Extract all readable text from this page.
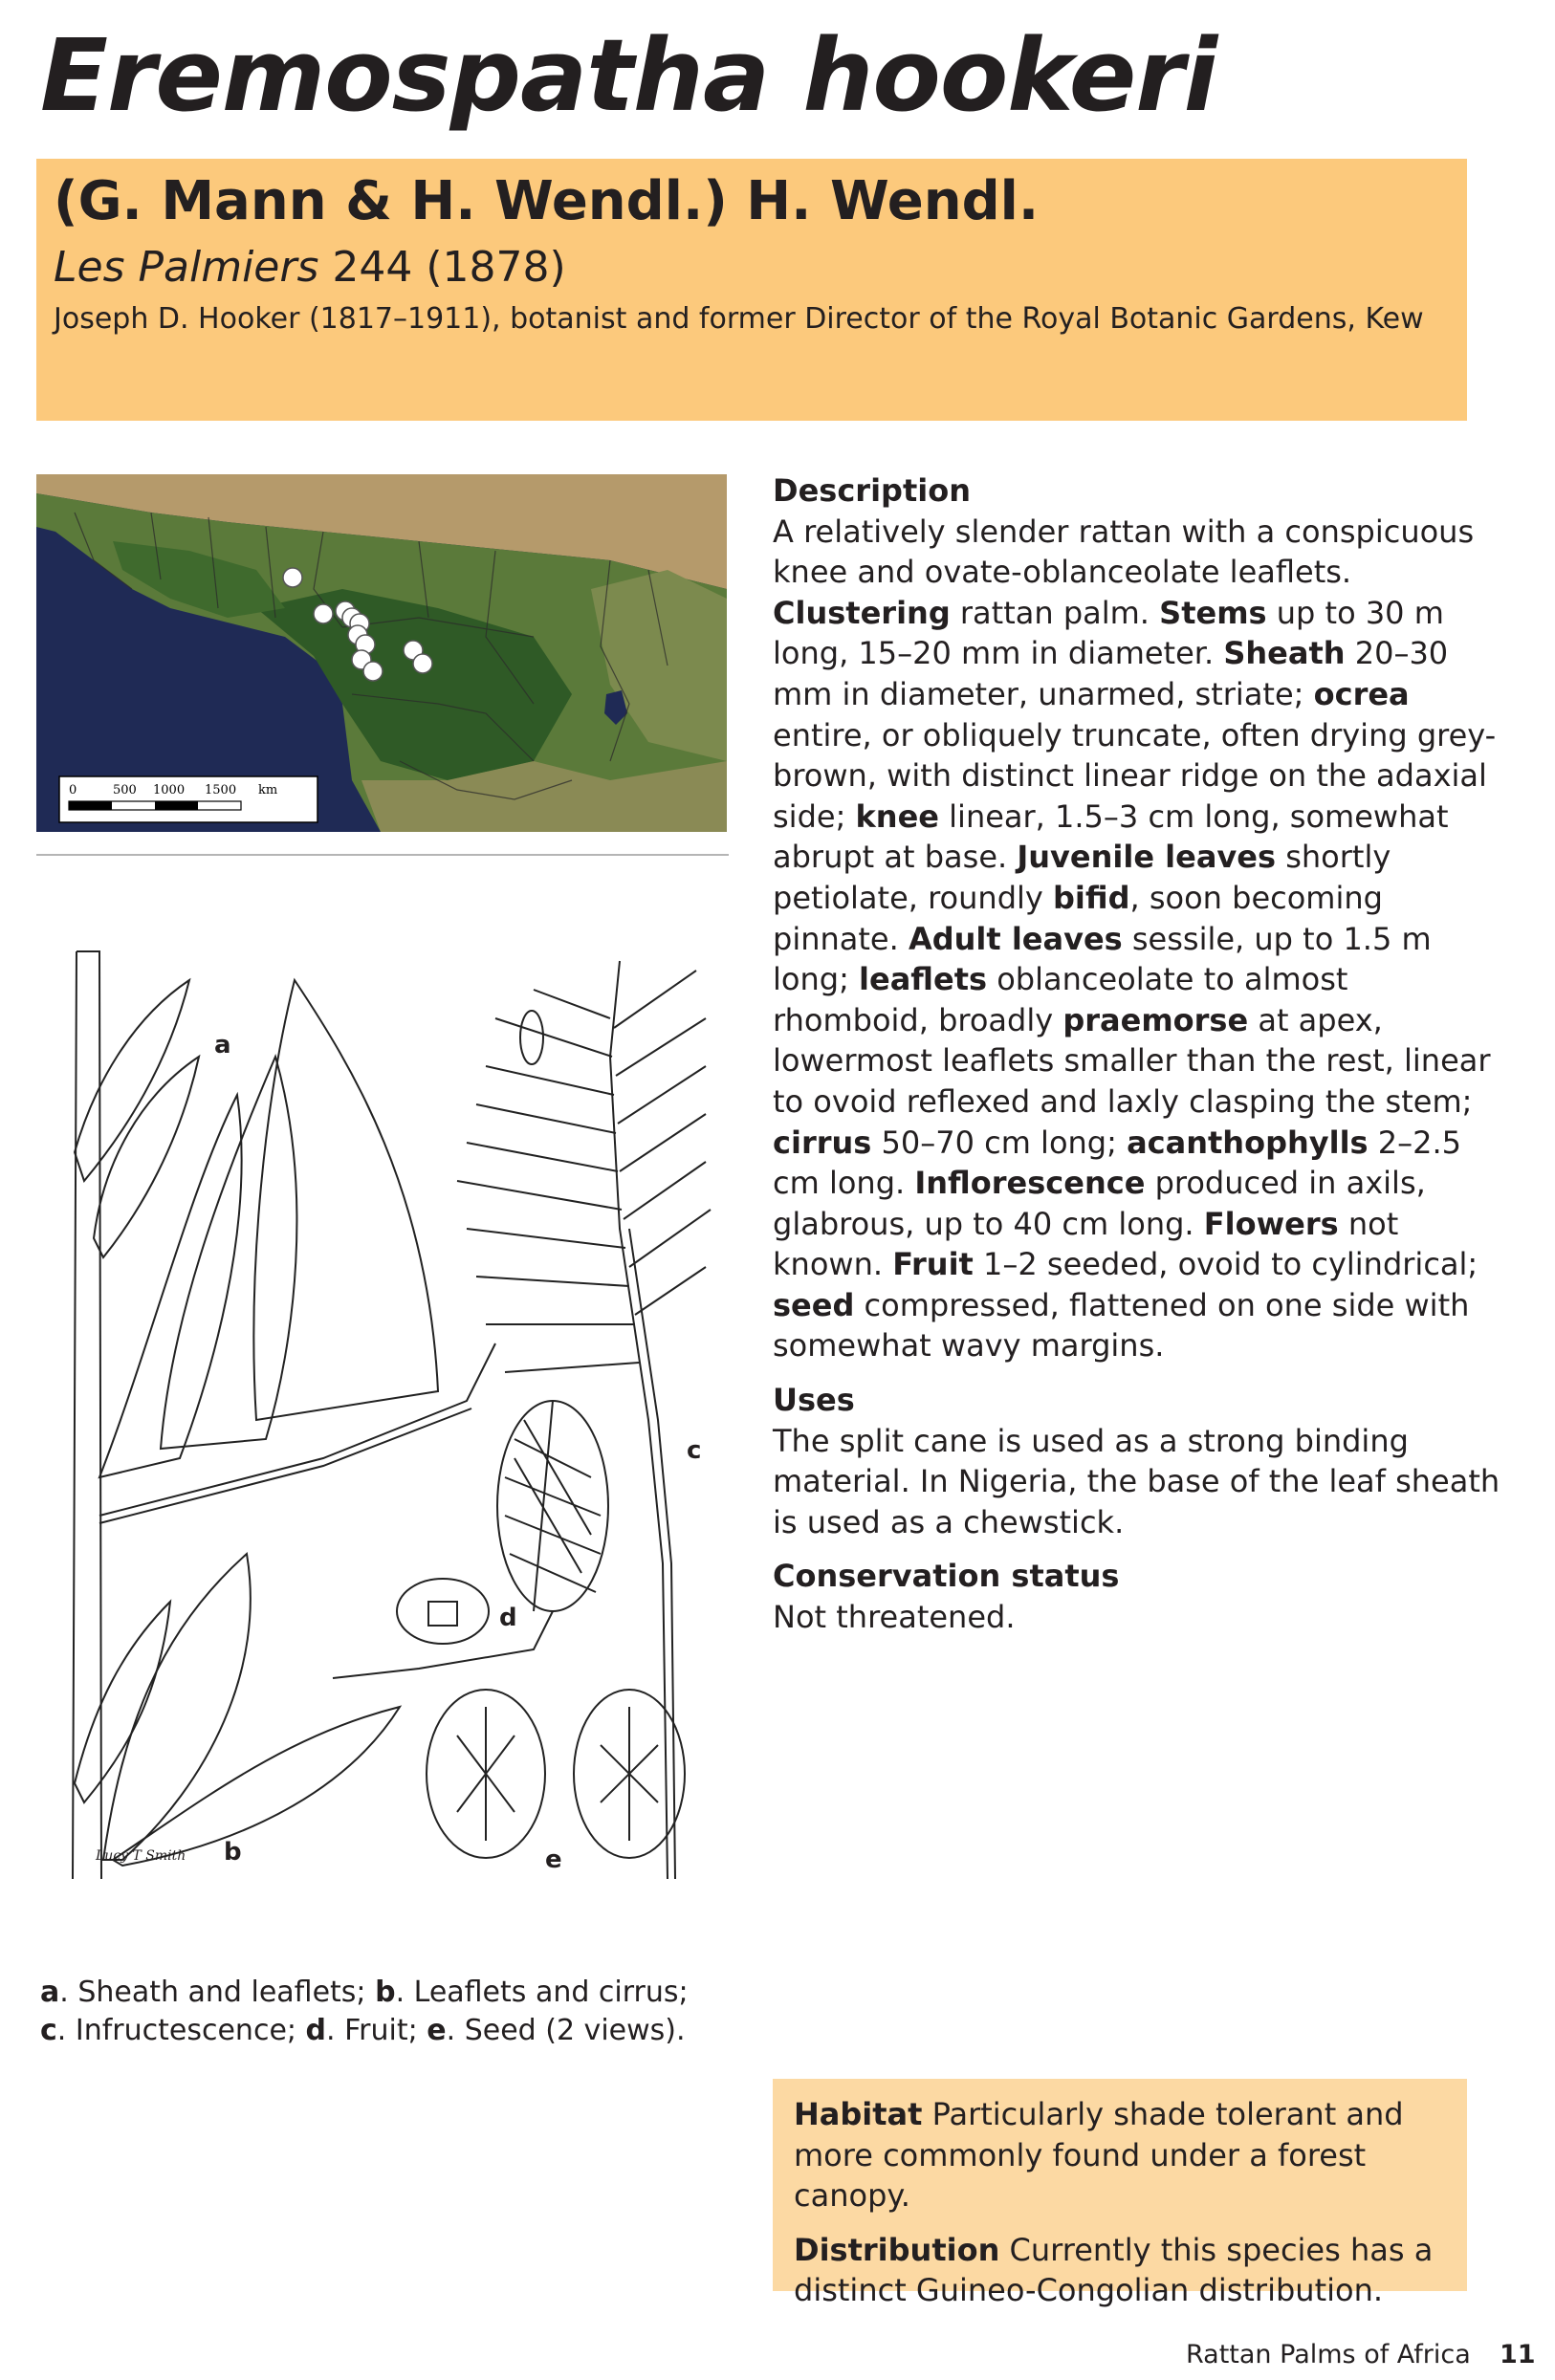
Eremospatha hookeri
(G. Mann & H. Wendl.) H. Wendl.
Les Palmiers 244 (1878)
Joseph D. Hooker (1817–1911), botanist and former Director of the Royal Botanic Gardens, Kew
0	500 1000 1500 km
a
b
c
d
e
Lucy T Smith
a. Sheath and leaflets; b. Leaflets and cirrus;
c. Infructescence; d. Fruit; e. Seed (2 views).
Description

A relatively slender rattan with a conspicuous knee and ovate-oblanceolate leaflets. Clustering rattan palm. Stems up to 30 m long, 15–20 mm in diameter. Sheath 20–30 mm in diameter, unarmed, striate; ocrea entire, or obliquely truncate, often drying grey-brown, with distinct linear ridge on the adaxial side; knee linear, 1.5–3 cm long, somewhat abrupt at base. Juvenile leaves shortly petiolate, roundly bifid, soon becoming pinnate. Adult leaves sessile, up to 1.5 m long; leaflets oblanceolate to almost rhomboid, broadly praemorse at apex, lowermost leaflets smaller than the rest, linear to ovoid reflexed and laxly clasping the stem; cirrus 50–70 cm long; acanthophylls 2–2.5 cm long. Inflorescence produced in axils, glabrous, up to 40 cm long. Flowers not known. Fruit 1–2 seeded, ovoid to cylindrical; seed compressed, flattened on one side with somewhat wavy margins.

Uses

The split cane is used as a strong binding material. In Nigeria, the base of the leaf sheath is used as a chewstick.

Conservation status

Not threatened.

Habitat Particularly shade tolerant and more commonly found under a forest canopy.
Distribution Currently this species has a distinct Guineo-Congolian distribution.
Rattan Palms of Africa 11
